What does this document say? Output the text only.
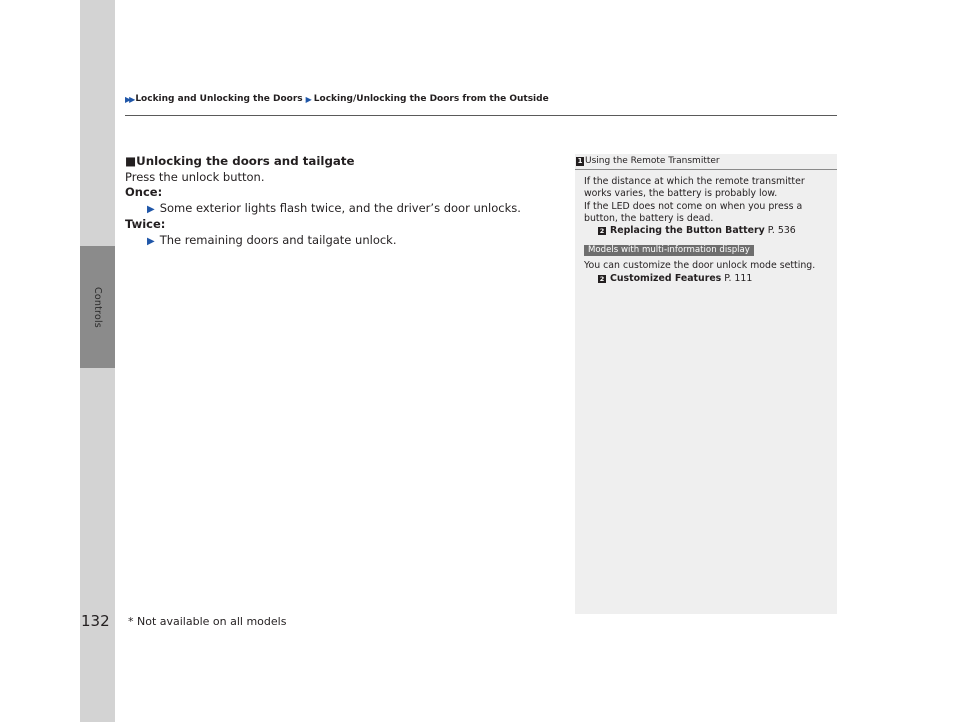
Controls
▶▶ Locking and Unlocking the Doors ▶ Locking/Unlocking the Doors from the Outside
■Unlocking the doors and tailgate
Press the unlock button.
Once:
▶ Some exterior lights flash twice, and the driver’s door unlocks.
Twice:
▶ The remaining doors and tailgate unlock.
1 Using the Remote Transmitter
If the distance at which the remote transmitter works varies, the battery is probably low.
If the LED does not come on when you press a button, the battery is dead.
2 Replacing the Button Battery P. 536
Models with multi-information display
You can customize the door unlock mode setting.
2 Customized Features P. 111
132 * Not available on all models
